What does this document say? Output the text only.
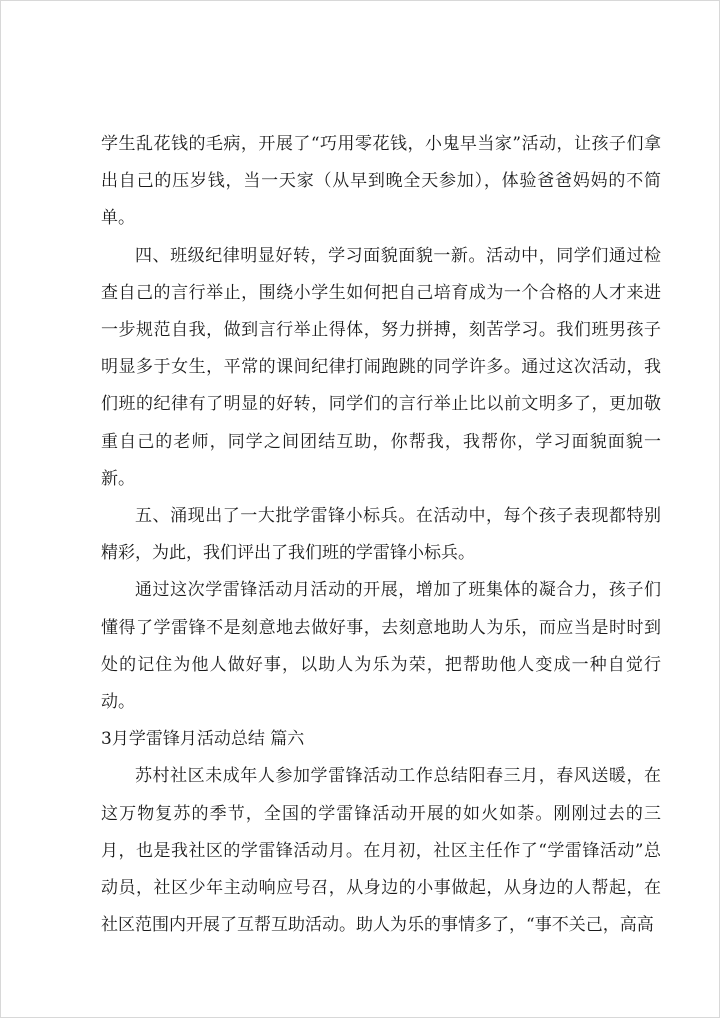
学生乱花钱的毛病，开展了“巧用零花钱，小鬼早当家”活动，让孩子们拿出自己的压岁钱，当一天家（从早到晚全天参加），体验爸爸妈妈的不简单。

四、班级纪律明显好转，学习面貌面貌一新。活动中，同学们通过检查自己的言行举止，围绕小学生如何把自己培育成为一个合格的人才来进一步规范自我，做到言行举止得体，努力拼搏，刻苦学习。我们班男孩子明显多于女生，平常的课间纪律打闹跑跳的同学许多。通过这次活动，我们班的纪律有了明显的好转，同学们的言行举止比以前文明多了，更加敬重自己的老师，同学之间团结互助，你帮我，我帮你，学习面貌面貌一新。

五、涌现出了一大批学雷锋小标兵。在活动中，每个孩子表现都特别精彩，为此，我们评出了我们班的学雷锋小标兵。

通过这次学雷锋活动月活动的开展，增加了班集体的凝合力，孩子们懂得了学雷锋不是刻意地去做好事，去刻意地助人为乐，而应当是时时到处的记住为他人做好事，以助人为乐为荣，把帮助他人变成一种自觉行动。

3月学雷锋月活动总结 篇六

苏村社区未成年人参加学雷锋活动工作总结阳春三月，春风送暖，在这万物复苏的季节，全国的学雷锋活动开展的如火如荼。刚刚过去的三月，也是我社区的学雷锋活动月。在月初，社区主任作了“学雷锋活动”总动员，社区少年主动响应号召，从身边的小事做起，从身边的人帮起，在社区范围内开展了互帮互助活动。助人为乐的事情多了，“事不关己，高高
